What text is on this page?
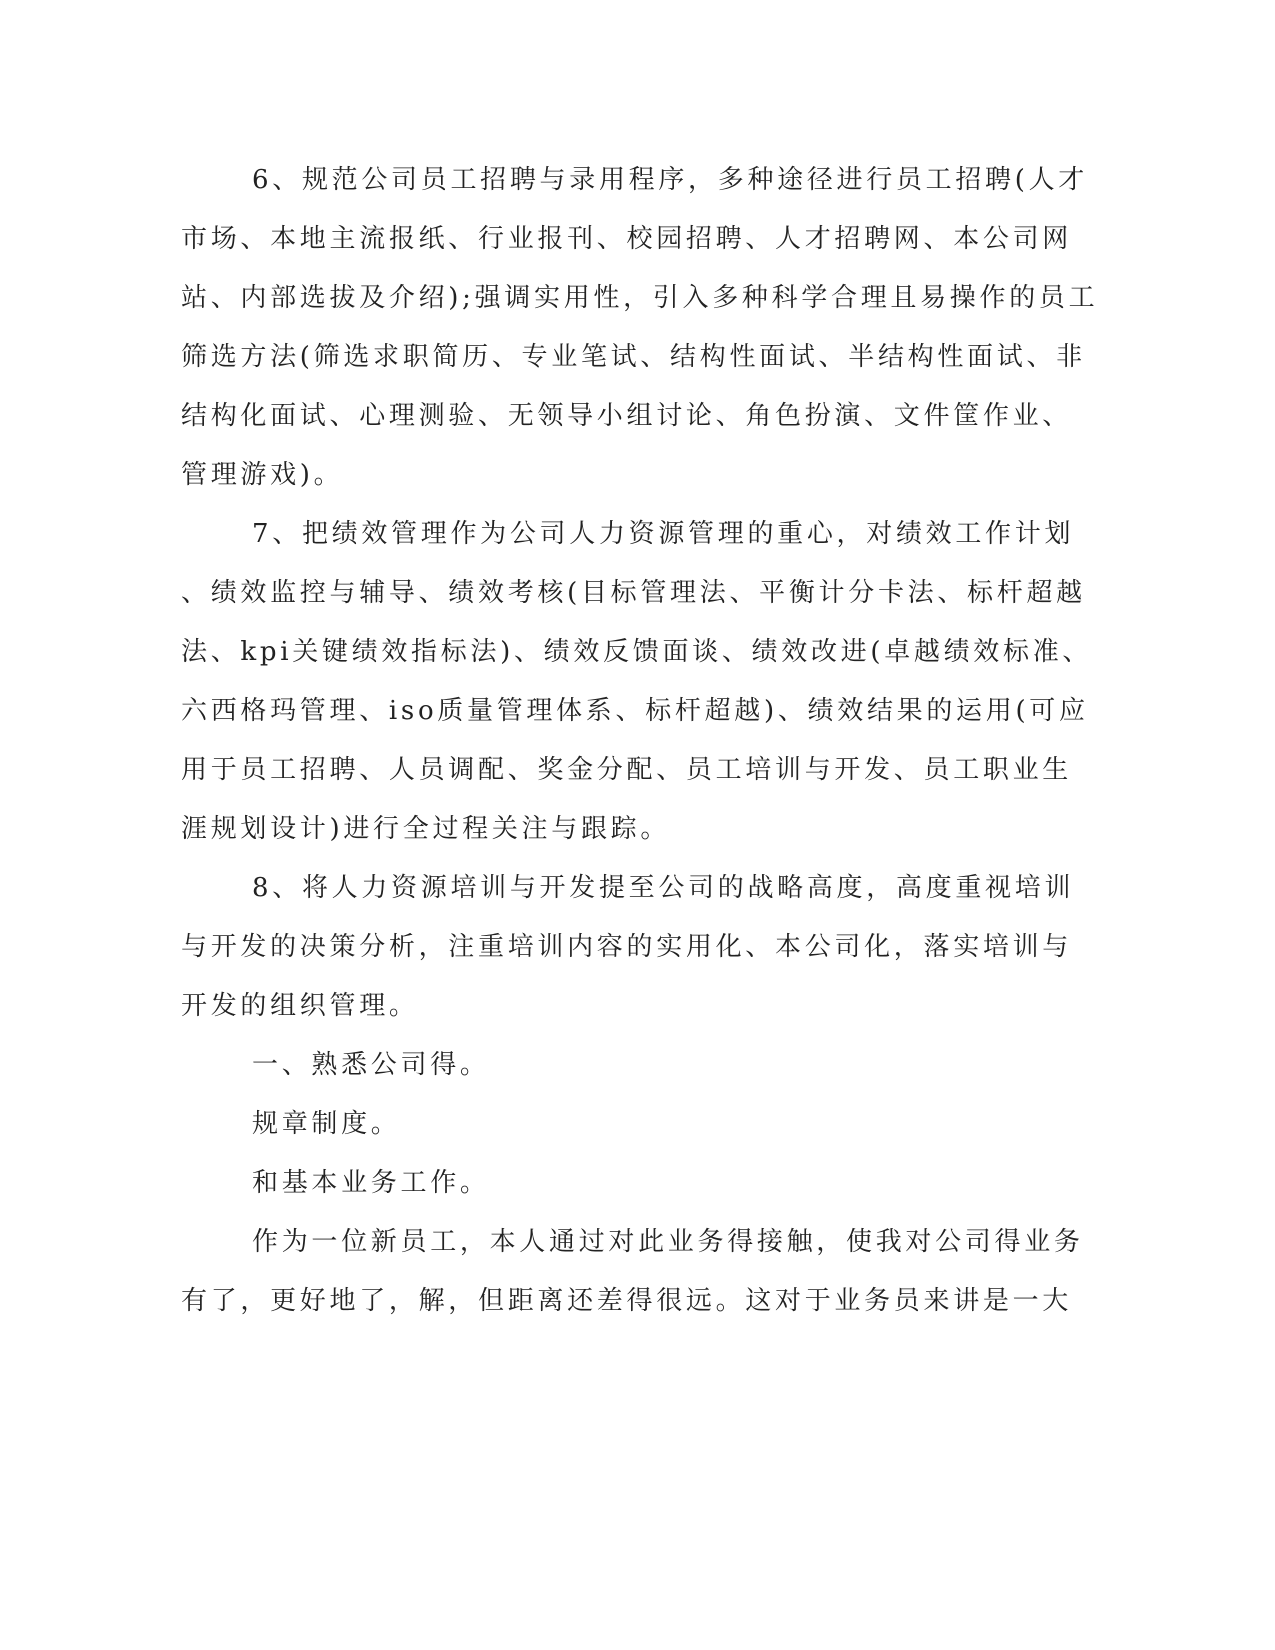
6、规范公司员工招聘与录用程序，多种途径进行员工招聘(人才
市场、本地主流报纸、行业报刊、校园招聘、人才招聘网、本公司网
站、内部选拔及介绍);强调实用性，引入多种科学合理且易操作的员工
筛选方法(筛选求职简历、专业笔试、结构性面试、半结构性面试、非
结构化面试、心理测验、无领导小组讨论、角色扮演、文件筐作业、
管理游戏)。
7、把绩效管理作为公司人力资源管理的重心，对绩效工作计划
、绩效监控与辅导、绩效考核(目标管理法、平衡计分卡法、标杆超越
法、kpi关键绩效指标法)、绩效反馈面谈、绩效改进(卓越绩效标准、
六西格玛管理、iso质量管理体系、标杆超越)、绩效结果的运用(可应
用于员工招聘、人员调配、奖金分配、员工培训与开发、员工职业生
涯规划设计)进行全过程关注与跟踪。
8、将人力资源培训与开发提至公司的战略高度，高度重视培训
与开发的决策分析，注重培训内容的实用化、本公司化，落实培训与
开发的组织管理。
一、熟悉公司得。
规章制度。
和基本业务工作。
作为一位新员工，本人通过对此业务得接触，使我对公司得业务
有了，更好地了，解，但距离还差得很远。这对于业务员来讲是一大
